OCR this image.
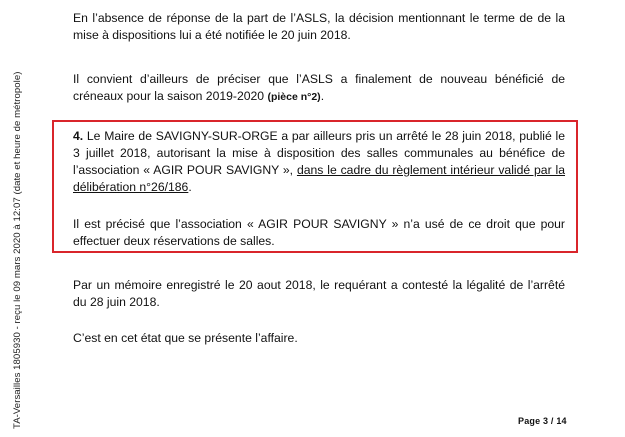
TA-Versailles 1805930 - reçu le 09 mars 2020 à 12:07 (date et heure de métropole)

En l’absence de réponse de la part de l’ASLS, la décision mentionnant le terme de de la mise à dispositions lui a été notifiée le 20 juin 2018.

Il convient d’ailleurs de préciser que l’ASLS a finalement de nouveau bénéficié de créneaux pour la saison 2019-2020 (pièce n°2).

4. Le Maire de SAVIGNY-SUR-ORGE a par ailleurs pris un arrêté le 28 juin 2018, publié le 3 juillet 2018, autorisant la mise à disposition des salles communales au bénéfice de l’association « AGIR POUR SAVIGNY », dans le cadre du règlement intérieur validé par la délibération n°26/186.

Il est précisé que l’association « AGIR POUR SAVIGNY » n’a usé de ce droit que pour effectuer deux réservations de salles.

Par un mémoire enregistré le 20 aout 2018, le requérant a contesté la légalité de l’arrêté du 28 juin 2018.

C’est en cet état que se présente l’affaire.

Page 3 / 14
